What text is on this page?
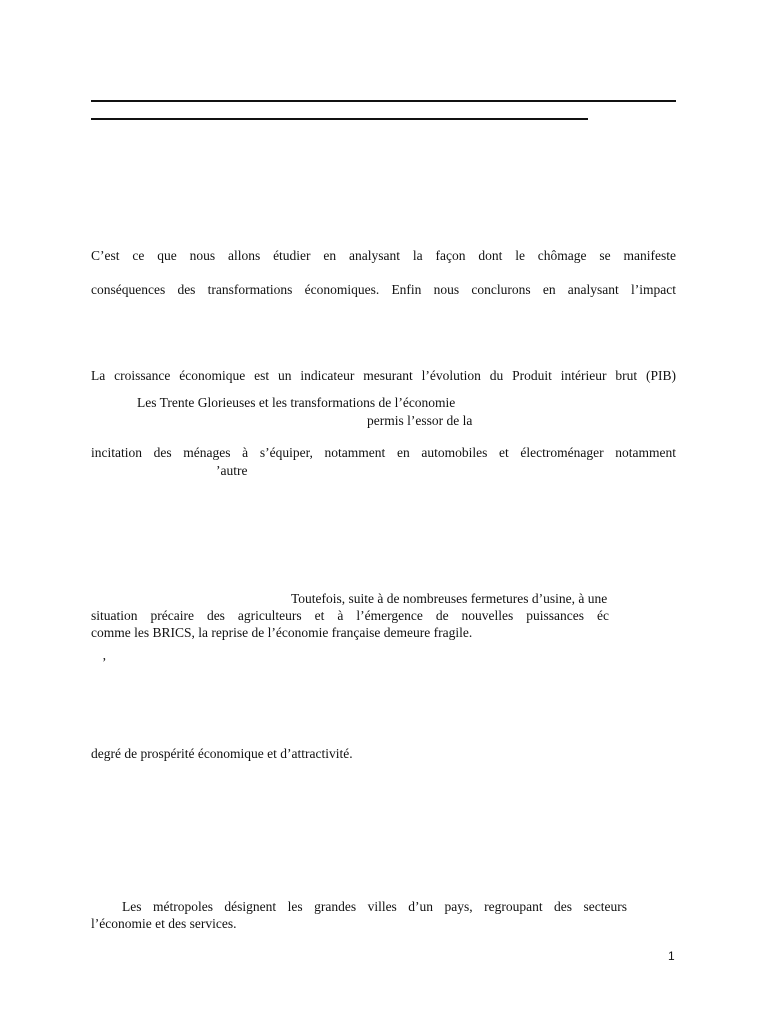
C’est ce que nous allons étudier en analysant la façon dont le chômage se manifeste
conséquences des transformations économiques. Enfin nous conclurons en analysant l’impact
La croissance économique est un indicateur mesurant l’évolution du Produit intérieur brut (PIB)
Les Trente Glorieuses et les transformations de l’économie
permis l’essor de la
incitation des ménages à s’équiper, notamment en automobiles et électroménager notamment
’autre
Toutefois, suite à de nombreuses fermetures d’usine, à une
situation précaire des agriculteurs et à l’émergence de nouvelles puissances éc
comme les BRICS, la reprise de l’économie française demeure fragile.
’
degré de prospérité économique et d’attractivité.
Les métropoles désignent les grandes villes d’un pays, regroupant des secteurs
l’économie et des services.
1
